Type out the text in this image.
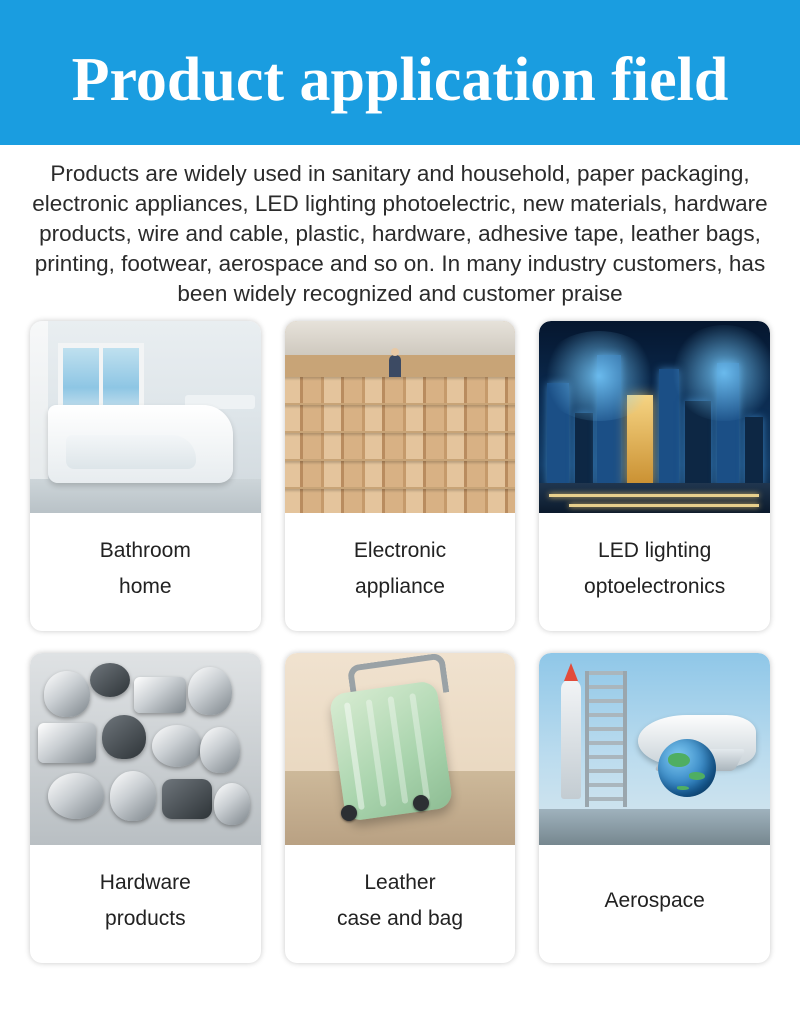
Product application field
Products are widely used in sanitary and household, paper packaging, electronic appliances, LED lighting photoelectric, new materials, hardware products, wire and cable, plastic, hardware, adhesive tape, leather bags, printing, footwear, aerospace and so on. In many industry customers, has been widely recognized and customer praise
Bathroom
home
Electronic
appliance
LED lighting
optoelectronics
Hardware
products
Leather
case and bag
Aerospace
